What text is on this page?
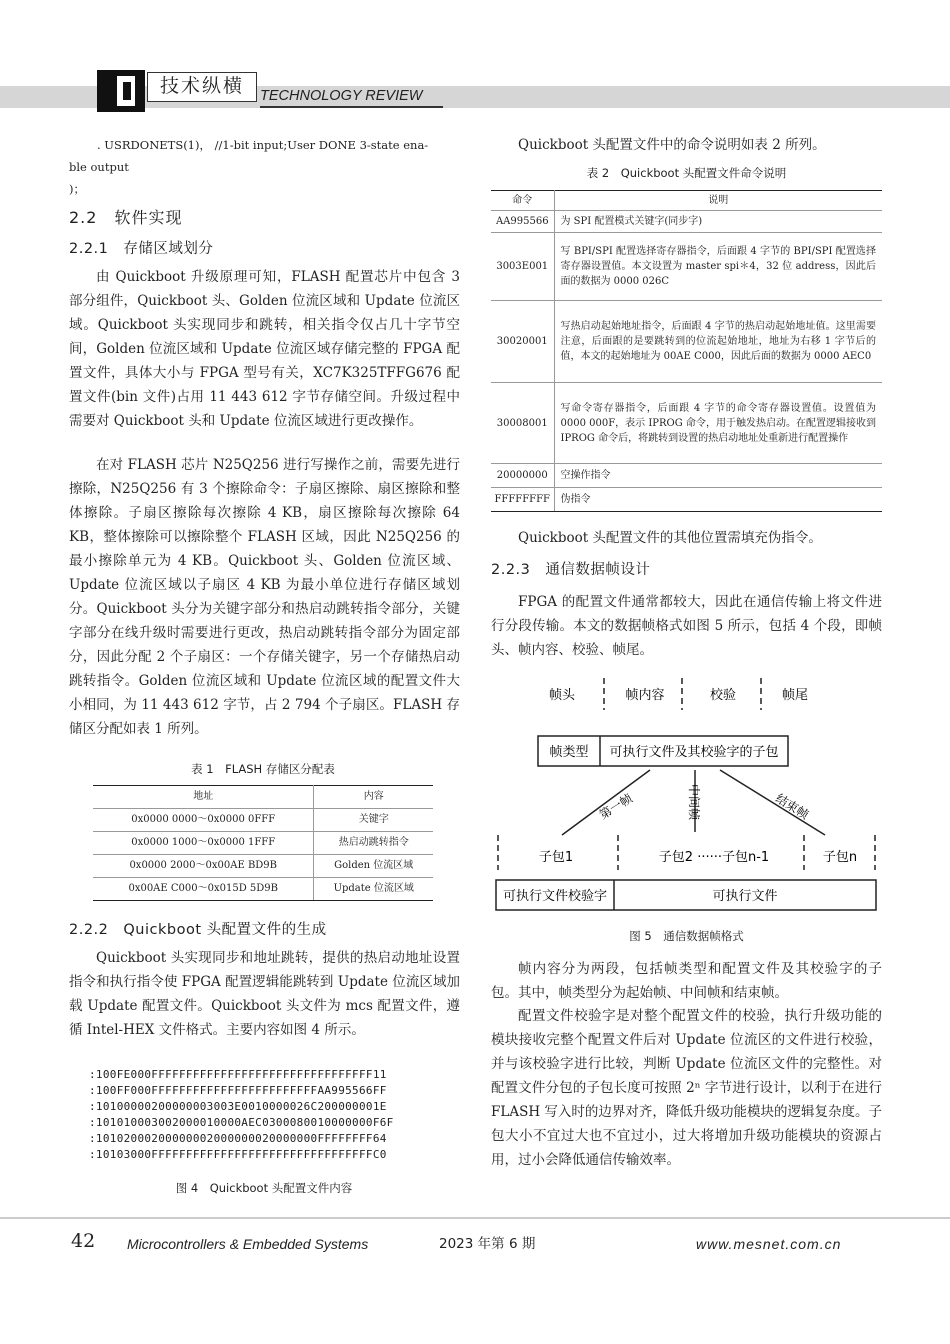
技术纵横	TECHNOLOGY REVIEW
. USRDONETS(1)， //1-bit input;User DONE 3-state ena-
ble output
)；
2.2　软件实现
2.2.1　存储区域划分
由 Quickboot 升级原理可知，FLASH 配置芯片中包含 3 部分组件，Quickboot 头、Golden 位流区域和 Update 位流区域。Quickboot 头实现同步和跳转，相关指令仅占几十字节空间，Golden 位流区域和 Update 位流区域存储完整的 FPGA 配置文件，具体大小与 FPGA 型号有关，XC7K325TFFG676 配置文件(bin 文件)占用 11 443 612 字节存储空间。升级过程中需要对 Quickboot 头和 Update 位流区域进行更改操作。
在对 FLASH 芯片 N25Q256 进行写操作之前，需要先进行擦除，N25Q256 有 3 个擦除命令：子扇区擦除、扇区擦除和整体擦除。子扇区擦除每次擦除 4 KB，扇区擦除每次擦除 64 KB，整体擦除可以擦除整个 FLASH 区域，因此 N25Q256 的最小擦除单元为 4 KB。Quickboot 头、Golden 位流区域、Update 位流区域以子扇区 4 KB 为最小单位进行存储区域划分。Quickboot 头分为关键字部分和热启动跳转指令部分，关键字部分在线升级时需要进行更改，热启动跳转指令部分为固定部分，因此分配 2 个子扇区：一个存储关键字，另一个存储热启动跳转指令。Golden 位流区域和 Update 位流区域的配置文件大小相同，为 11 443 612 字节，占 2 794 个子扇区。FLASH 存储区分配如表 1 所列。
表 1　FLASH 存储区分配表
地址	内容
0x0000 0000～0x0000 0FFF	关键字
0x0000 1000～0x0000 1FFF	热启动跳转指令
0x0000 2000～0x00AE BD9B	Golden 位流区域
0x00AE C000～0x015D 5D9B	Update 位流区域
2.2.2　Quickboot 头配置文件的生成
Quickboot 头实现同步和地址跳转，提供的热启动地址设置指令和执行指令使 FPGA 配置逻辑能跳转到 Update 位流区域加载 Update 配置文件。Quickboot 头文件为 mcs 配置文件，遵循 Intel-HEX 文件格式。主要内容如图 4 所示。
:100FE000FFFFFFFFFFFFFFFFFFFFFFFFFFFFFFFF11
:100FF000FFFFFFFFFFFFFFFFFFFFFFFFAA995566FF
:10100000200000003003E0010000026C200000001E
:101010003002000010000AEC0300080010000000F6F
:10102000200000002000000020000000FFFFFFFF64
:10103000FFFFFFFFFFFFFFFFFFFFFFFFFFFFFFFFC0
图 4　Quickboot 头配置文件内容
Quickboot 头配置文件中的命令说明如表 2 所列。
表 2　Quickboot 头配置文件命令说明
命令	说明
AA995566	为 SPI 配置模式关键字(同步字)
3003E001	写 BPI/SPI 配置选择寄存器指令，后面跟 4 字节的 BPI/SPI 配置选择寄存器设置值。本文设置为 master spi＊4，32 位 address，因此后面的数据为 0000 026C
30020001	写热启动起始地址指令，后面跟 4 字节的热启动起始地址值。这里需要注意，后面跟的是要跳转到的位流起始地址，地址为右移 1 字节后的值，本文的起始地址为 00AE C000，因此后面的数据为 0000 AEC0
30008001	写命令寄存器指令，后面跟 4 字节的命令寄存器设置值。设置值为 0000 000F，表示 IPROG 命令，用于触发热启动。在配置逻辑接收到 IPROG 命令后，将跳转到设置的热启动地址处重新进行配置操作
20000000	空操作指令
FFFFFFFF	伪指令
Quickboot 头配置文件的其他位置需填充伪指令。
2.2.3　通信数据帧设计
FPGA 的配置文件通常都较大，因此在通信传输上将文件进行分段传输。本文的数据帧格式如图 5 所示，包括 4 个段，即帧头、帧内容、校验、帧尾。
帧头	帧内容	校验	帧尾
帧类型 可执行文件及其校验字的子包
第一帧	中间帧	结束帧
子包1	子包2 ······子包n-1	子包n
可执行文件校验字	可执行文件
图 5　通信数据帧格式
帧内容分为两段，包括帧类型和配置文件及其校验字的子包。其中，帧类型分为起始帧、中间帧和结束帧。
配置文件校验字是对整个配置文件的校验，执行升级功能的模块接收完整个配置文件后对 Update 位流区的文件进行校验，并与该校验字进行比较，判断 Update 位流区文件的完整性。对配置文件分包的子包长度可按照 2ⁿ 字节进行设计，以利于在进行 FLASH 写入时的边界对齐，降低升级功能模块的逻辑复杂度。子包大小不宜过大也不宜过小，过大将增加升级功能模块的资源占用，过小会降低通信传输效率。
42 Microcontrollers & Embedded Systems	2023 年第 6 期	www.mesnet.com.cn
